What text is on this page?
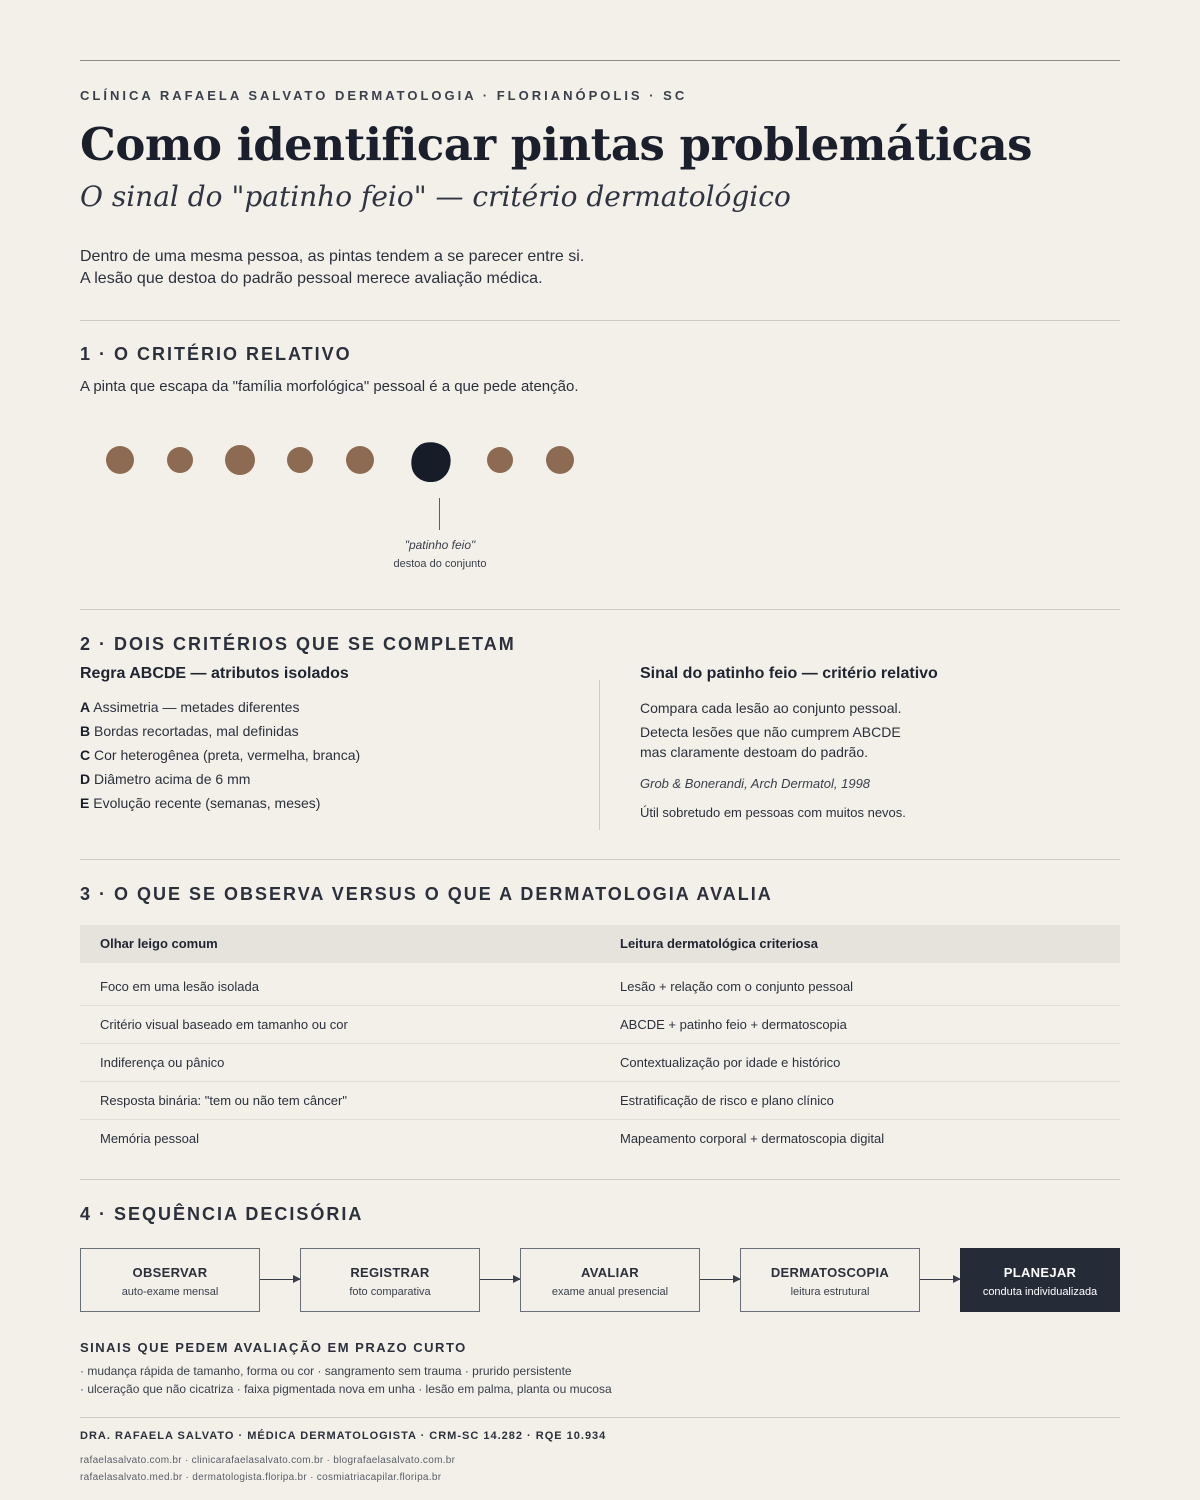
CLÍNICA RAFAELA SALVATO DERMATOLOGIA · FLORIANÓPOLIS · SC
Como identificar pintas problemáticas
O sinal do "patinho feio" — critério dermatológico
Dentro de uma mesma pessoa, as pintas tendem a se parecer entre si.
A lesão que destoa do padrão pessoal merece avaliação médica.
1 · O CRITÉRIO RELATIVO
A pinta que escapa da "família morfológica" pessoal é a que pede atenção.
"patinho feio"
destoa do conjunto
2 · DOIS CRITÉRIOS QUE SE COMPLETAM
Regra ABCDE — atributos isolados
A Assimetria — metades diferentes
B Bordas recortadas, mal definidas
C Cor heterogênea (preta, vermelha, branca)
D Diâmetro acima de 6 mm
E Evolução recente (semanas, meses)
Sinal do patinho feio — critério relativo
Compara cada lesão ao conjunto pessoal.
Detecta lesões que não cumprem ABCDE
mas claramente destoam do padrão.
Grob & Bonerandi, Arch Dermatol, 1998
Útil sobretudo em pessoas com muitos nevos.
3 · O QUE SE OBSERVA VERSUS O QUE A DERMATOLOGIA AVALIA
Olhar leigo comum	Leitura dermatológica criteriosa
Foco em uma lesão isolada	Lesão + relação com o conjunto pessoal
Critério visual baseado em tamanho ou cor	ABCDE + patinho feio + dermatoscopia
Indiferença ou pânico	Contextualização por idade e histórico
Resposta binária: "tem ou não tem câncer"	Estratificação de risco e plano clínico
Memória pessoal	Mapeamento corporal + dermatoscopia digital
4 · SEQUÊNCIA DECISÓRIA
OBSERVAR
auto-exame mensal
REGISTRAR
foto comparativa
AVALIAR
exame anual presencial
DERMATOSCOPIA
leitura estrutural
PLANEJAR
conduta individualizada
SINAIS QUE PEDEM AVALIAÇÃO EM PRAZO CURTO
· mudança rápida de tamanho, forma ou cor · sangramento sem trauma · prurido persistente
· ulceração que não cicatriza · faixa pigmentada nova em unha · lesão em palma, planta ou mucosa
DRA. RAFAELA SALVATO · MÉDICA DERMATOLOGISTA · CRM-SC 14.282 · RQE 10.934
rafaelasalvato.com.br · clinicarafaelasalvato.com.br · blografaelasalvato.com.br
rafaelasalvato.med.br · dermatologista.floripa.br · cosmiatriacapilar.floripa.br
